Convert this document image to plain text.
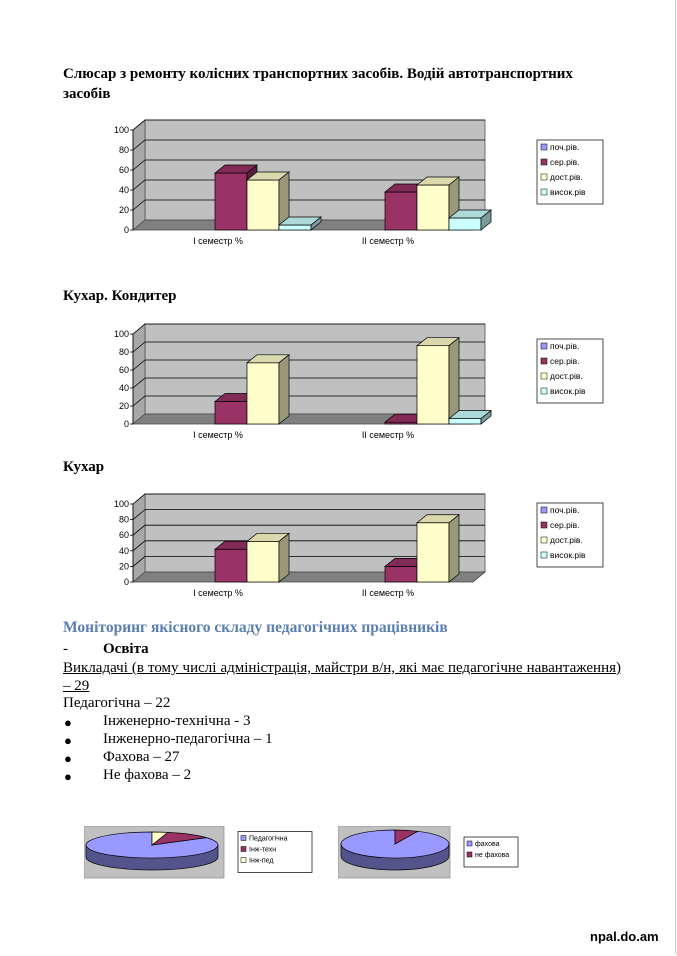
Слюсар з ремонту колісних транспортних засобів. Водій автотранспортних засобів
0
20
40
60
80
100
І семестр %	ІІ семестр %
поч.рів.
сер.рів.
дост.рів.
висок.рів
Кухар. Кондитер
0
20
40
60
80
100
І семестр %	ІІ семестр %
поч.рів.
сер.рів.
дост.рів.
висок.рів
Кухар
0
20
40
60
80
100
І семестр %	ІІ семестр %
поч.рів.
сер.рів.
дост.рів.
висок.рів
Моніторинг якісного складу педагогічних працівників
- Освіта
Викладачі (в тому числі адміністрація, майстри в/н, які має педагогічне навантаження) – 29
Педагогічна – 22
● Інженерно-технічна - 3
● Інженерно-педагогічна – 1
● Фахова – 27
● Не фахова – 2
Педагогічна
Інж-техн
Інж-пед
фахова
не фахова
npal.do.am
